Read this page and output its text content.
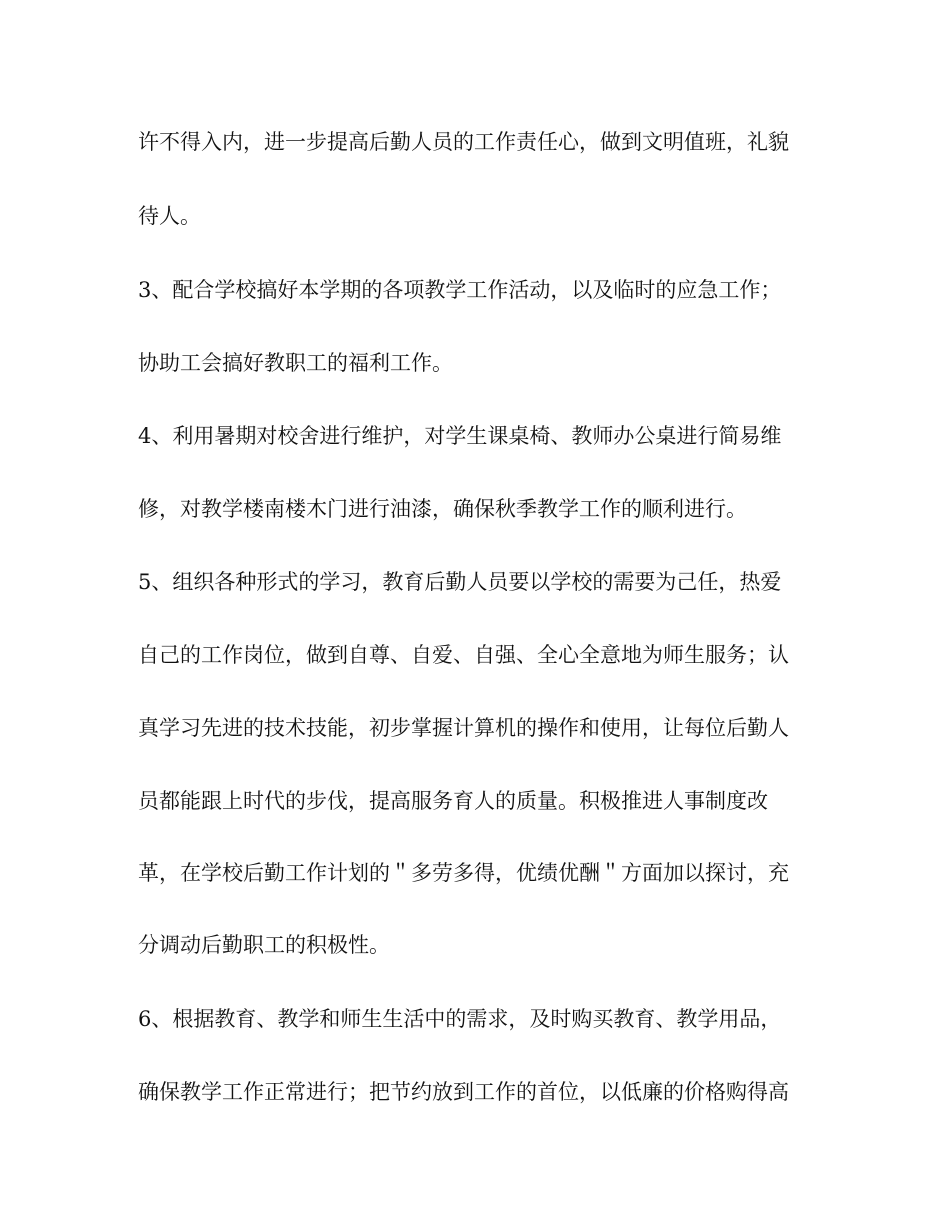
许不得入内，进一步提高后勤人员的工作责任心，做到文明值班，礼貌

待人。

3、配合学校搞好本学期的各项教学工作活动，以及临时的应急工作；

协助工会搞好教职工的福利工作。

4、利用暑期对校舍进行维护，对学生课桌椅、教师办公桌进行简易维

修，对教学楼南楼木门进行油漆，确保秋季教学工作的顺利进行。

5、组织各种形式的学习，教育后勤人员要以学校的需要为己任，热爱

自己的工作岗位，做到自尊、自爱、自强、全心全意地为师生服务；认

真学习先进的技术技能，初步掌握计算机的操作和使用，让每位后勤人

员都能跟上时代的步伐，提高服务育人的质量。积极推进人事制度改

革，在学校后勤工作计划的＂多劳多得，优绩优酬＂方面加以探讨，充

分调动后勤职工的积极性。

6、根据教育、教学和师生生活中的需求，及时购买教育、教学用品，

确保教学工作正常进行；把节约放到工作的首位，以低廉的价格购得高
